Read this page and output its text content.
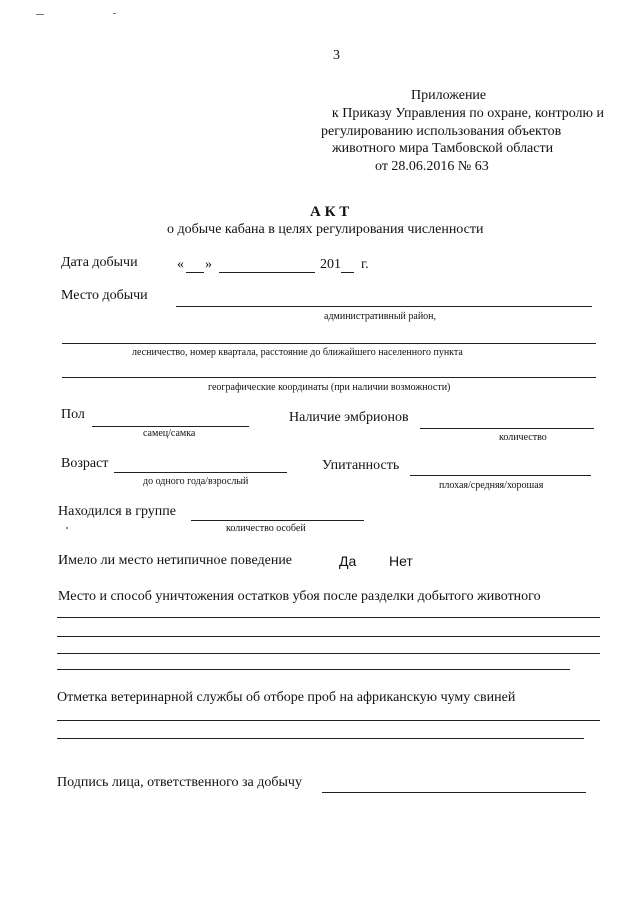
3
Приложение
к Приказу Управления по охране, контролю и
регулированию использования объектов
животного мира Тамбовской области
от 28.06.2016 № 63
А К Т
о добыче кабана в целях регулирования численности
Дата добычи	« »	201 г.
Место добычи
административный район,
лесничество, номер квартала, расстояние до ближайшего населенного пункта
географические координаты (при наличии возможности)
Пол
самец/самка
Наличие эмбрионов
количество
Возраст
до одного года/взрослый
Упитанность
плохая/средняя/хорошая
Находился в группе
количество особей
Имело ли место нетипичное поведение	Да Нет
Место и способ уничтожения остатков убоя после разделки добытого животного
Отметка ветеринарной службы об отборе проб на африканскую чуму свиней
Подпись лица, ответственного за добычу
